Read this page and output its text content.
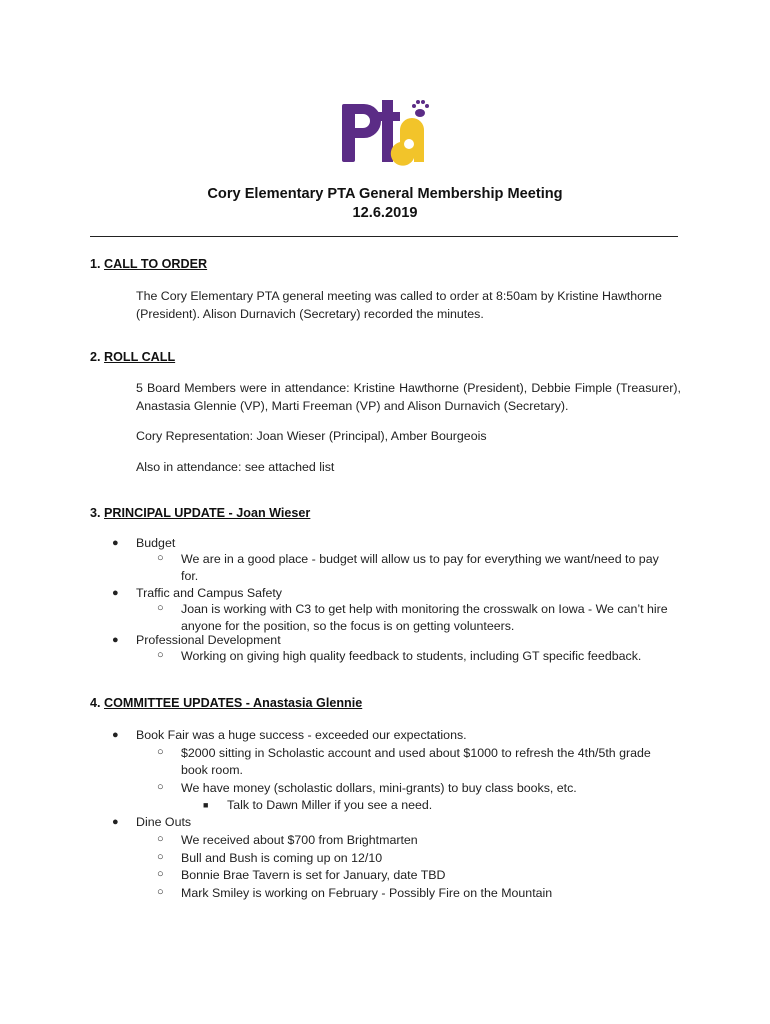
Cory Elementary PTA General Membership Meeting
12.6.2019
1. CALL TO ORDER
The Cory Elementary PTA general meeting was called to order at 8:50am by Kristine Hawthorne (President). Alison Durnavich (Secretary) recorded the minutes.
2. ROLL CALL
5 Board Members were in attendance: Kristine Hawthorne (President), Debbie Fimple (Treasurer), Anastasia Glennie (VP), Marti Freeman (VP) and Alison Durnavich (Secretary).
Cory Representation: Joan Wieser (Principal), Amber Bourgeois
Also in attendance: see attached list
3. PRINCIPAL UPDATE - Joan Wieser
● Budget
○ We are in a good place - budget will allow us to pay for everything we want/need to pay for.
● Traffic and Campus Safety
○ Joan is working with C3 to get help with monitoring the crosswalk on Iowa - We can’t hire anyone for the position, so the focus is on getting volunteers.
● Professional Development
○ Working on giving high quality feedback to students, including GT specific feedback.
4. COMMITTEE UPDATES - Anastasia Glennie
● Book Fair was a huge success - exceeded our expectations.
○ $2000 sitting in Scholastic account and used about $1000 to refresh the 4th/5th grade book room.
○ We have money (scholastic dollars, mini-grants) to buy class books, etc.
■ Talk to Dawn Miller if you see a need.
● Dine Outs
○ We received about $700 from Brightmarten
○ Bull and Bush is coming up on 12/10
○ Bonnie Brae Tavern is set for January, date TBD
○ Mark Smiley is working on February - Possibly Fire on the Mountain
